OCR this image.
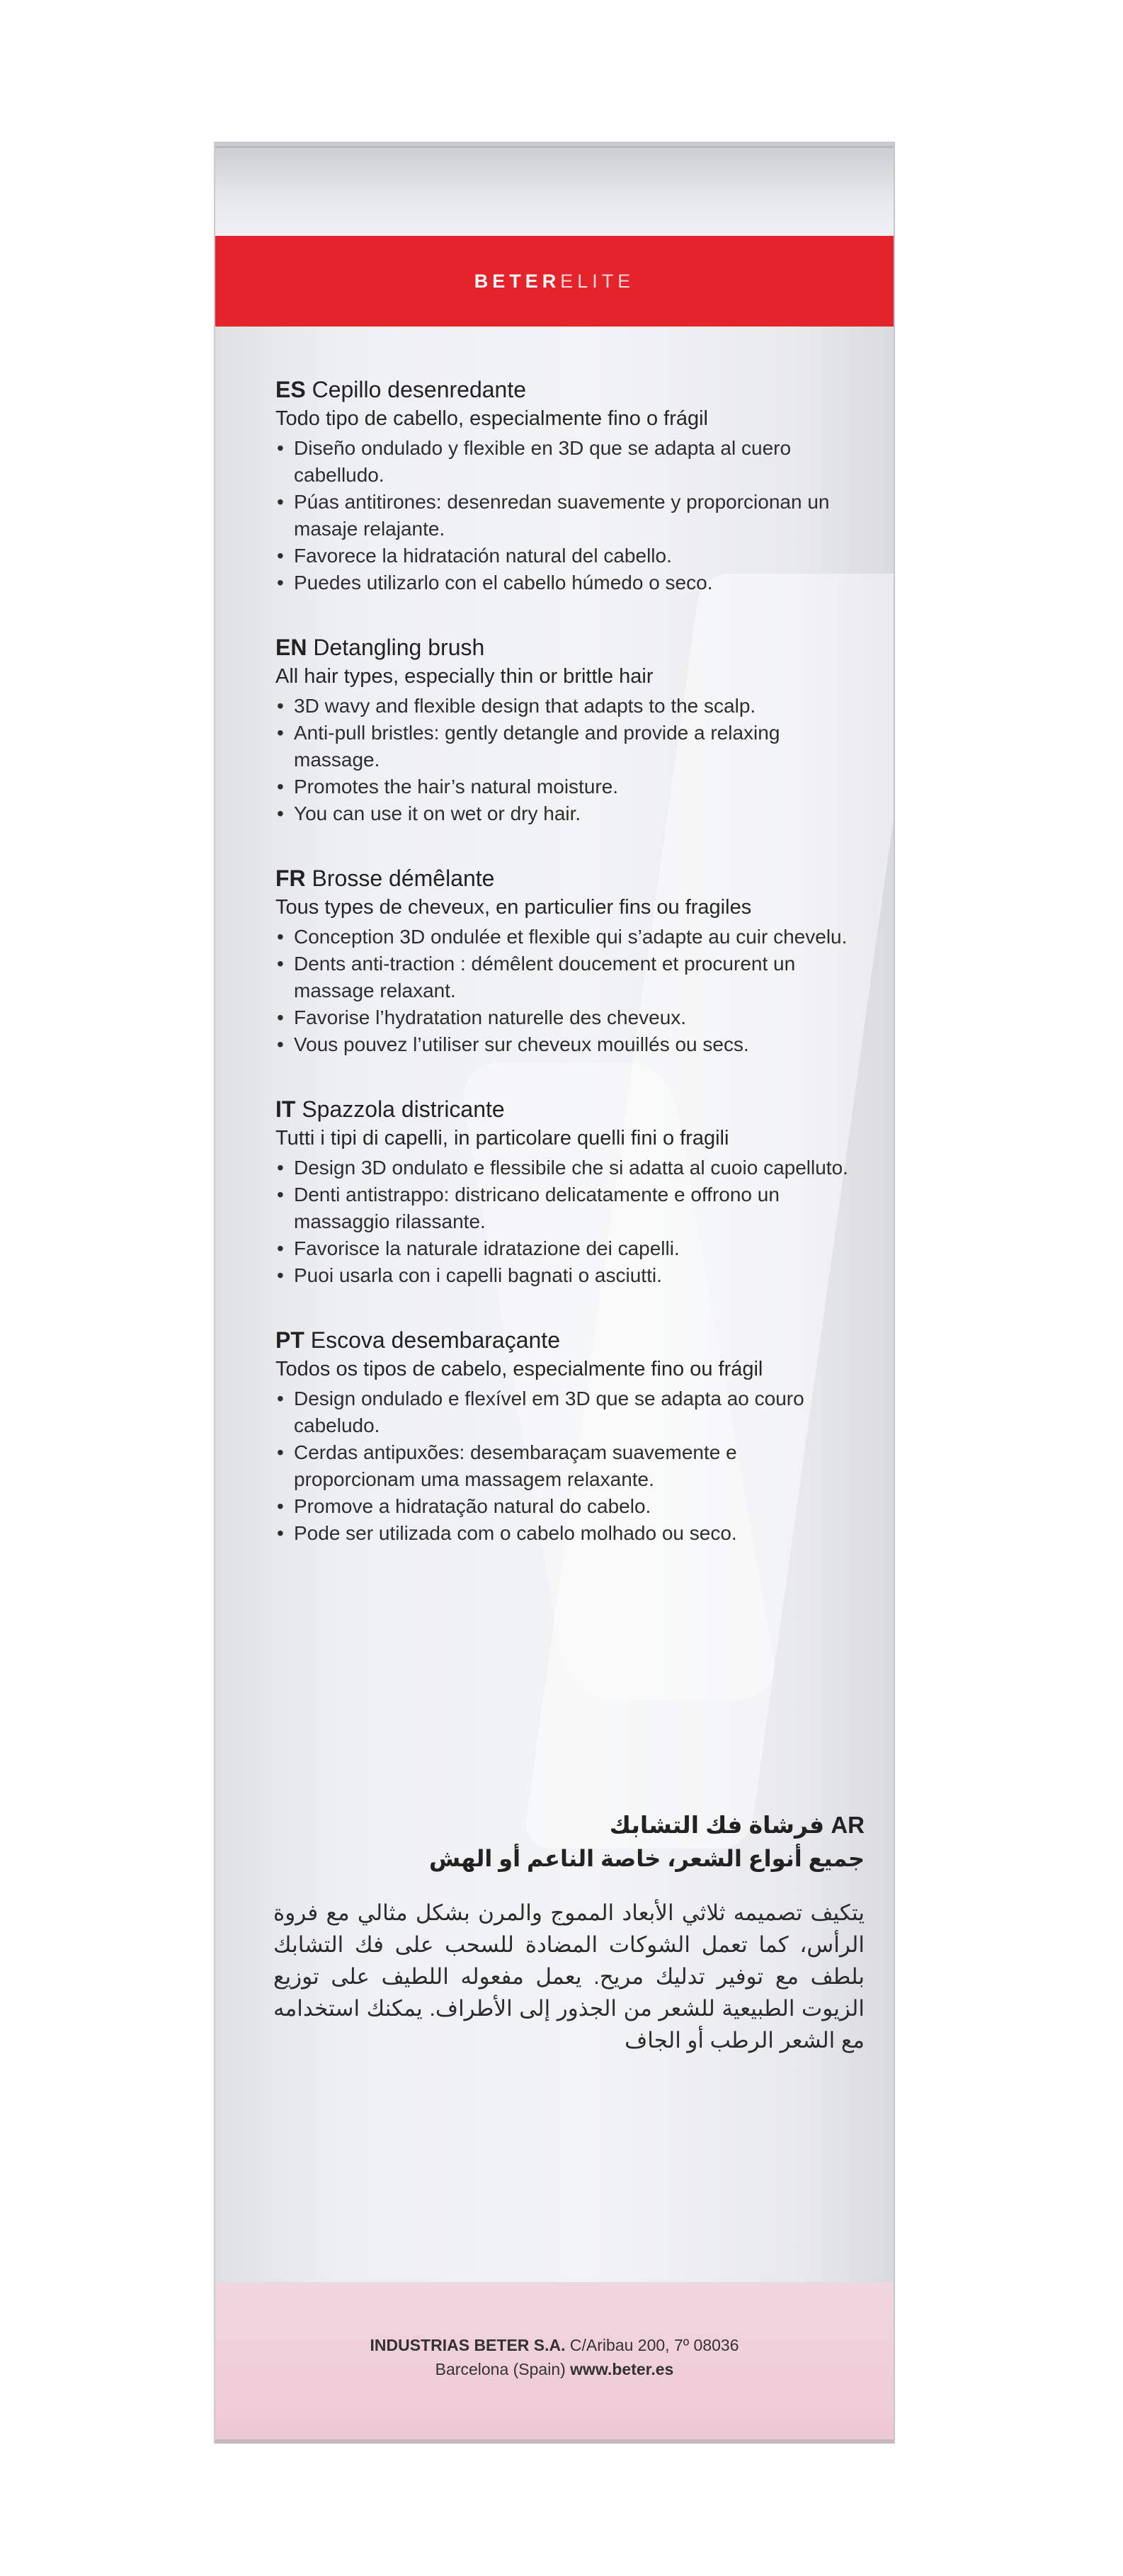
BETERELITE

ES Cepillo desenredante

Todo tipo de cabello, especialmente fino o frágil

• Diseño ondulado y flexible en 3D que se adapta al cuero cabelludo.
• Púas antitirones: desenredan suavemente y proporcionan un masaje relajante.
• Favorece la hidratación natural del cabello.
• Puedes utilizarlo con el cabello húmedo o seco.

EN Detangling brush

All hair types, especially thin or brittle hair

• 3D wavy and flexible design that adapts to the scalp.
• Anti-pull bristles: gently detangle and provide a relaxing massage.
• Promotes the hair’s natural moisture.
• You can use it on wet or dry hair.

FR Brosse démêlante

Tous types de cheveux, en particulier fins ou fragiles

• Conception 3D ondulée et flexible qui s’adapte au cuir chevelu.
• Dents anti-traction : démêlent doucement et procurent un massage relaxant.
• Favorise l’hydratation naturelle des cheveux.
• Vous pouvez l’utiliser sur cheveux mouillés ou secs.

IT Spazzola districante

Tutti i tipi di capelli, in particolare quelli fini o fragili

• Design 3D ondulato e flessibile che si adatta al cuoio capelluto.
• Denti antistrappo: districano delicatamente e offrono un massaggio rilassante.
• Favorisce la naturale idratazione dei capelli.
• Puoi usarla con i capelli bagnati o asciutti.

PT Escova desembaraçante

Todos os tipos de cabelo, especialmente fino ou frágil

• Design ondulado e flexível em 3D que se adapta ao couro cabeludo.
• Cerdas antipuxões: desembaraçam suavemente e proporcionam uma massagem relaxante.
• Promove a hidratação natural do cabelo.
• Pode ser utilizada com o cabelo molhado ou seco.

AR فرشاة فك التشابك

جميع أنواع الشعر، خاصة الناعم أو الهش

يتكيف تصميمه ثلاثي الأبعاد المموج والمرن بشكل مثالي مع فروة الرأس، كما تعمل الشوكات المضادة للسحب على فك التشابك بلطف مع توفير تدليك مريح. يعمل مفعوله اللطيف على توزيع الزيوت الطبيعية للشعر من الجذور إلى الأطراف. يمكنك استخدامه مع الشعر الرطب أو الجاف

INDUSTRIAS BETER S.A. C/Aribau 200, 7º 08036
Barcelona (Spain) www.beter.es
